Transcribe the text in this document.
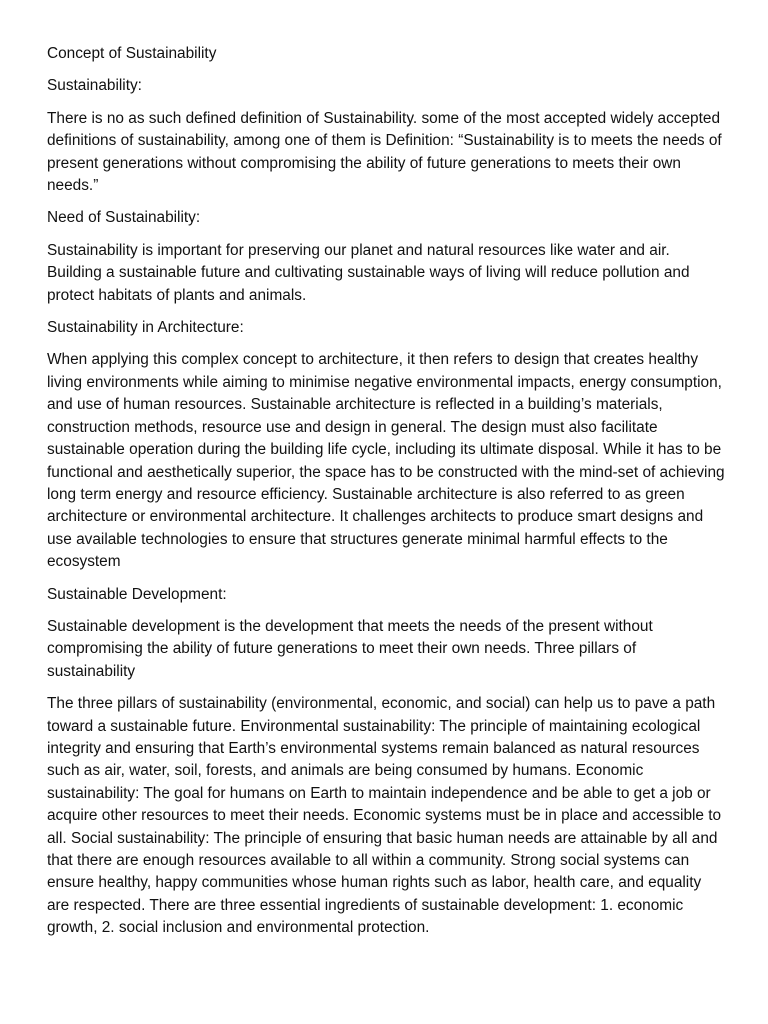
Concept of Sustainability

Sustainability:

There is no as such defined definition of Sustainability. some of the most accepted widely accepted definitions of sustainability, among one of them is Definition: “Sustainability is to meets the needs of present generations without compromising the ability of future generations to meets their own needs.”

Need of Sustainability:

Sustainability is important for preserving our planet and natural resources like water and air. Building a sustainable future and cultivating sustainable ways of living will reduce pollution and protect habitats of plants and animals.

Sustainability in Architecture:

When applying this complex concept to architecture, it then refers to design that creates healthy living environments while aiming to minimise negative environmental impacts, energy consumption, and use of human resources. Sustainable architecture is reflected in a building’s materials, construction methods, resource use and design in general. The design must also facilitate sustainable operation during the building life cycle, including its ultimate disposal. While it has to be functional and aesthetically superior, the space has to be constructed with the mind-set of achieving long term energy and resource efficiency. Sustainable architecture is also referred to as green architecture or environmental architecture. It challenges architects to produce smart designs and use available technologies to ensure that structures generate minimal harmful effects to the ecosystem

Sustainable Development:

Sustainable development is the development that meets the needs of the present without compromising the ability of future generations to meet their own needs. Three pillars of sustainability

The three pillars of sustainability (environmental, economic, and social) can help us to pave a path toward a sustainable future. Environmental sustainability: The principle of maintaining ecological integrity and ensuring that Earth’s environmental systems remain balanced as natural resources such as air, water, soil, forests, and animals are being consumed by humans. Economic sustainability: The goal for humans on Earth to maintain independence and be able to get a job or acquire other resources to meet their needs. Economic systems must be in place and accessible to all. Social sustainability: The principle of ensuring that basic human needs are attainable by all and that there are enough resources available to all within a community. Strong social systems can ensure healthy, happy communities whose human rights such as labor, health care, and equality are respected. There are three essential ingredients of sustainable development: 1. economic growth, 2. social inclusion and environmental protection.
